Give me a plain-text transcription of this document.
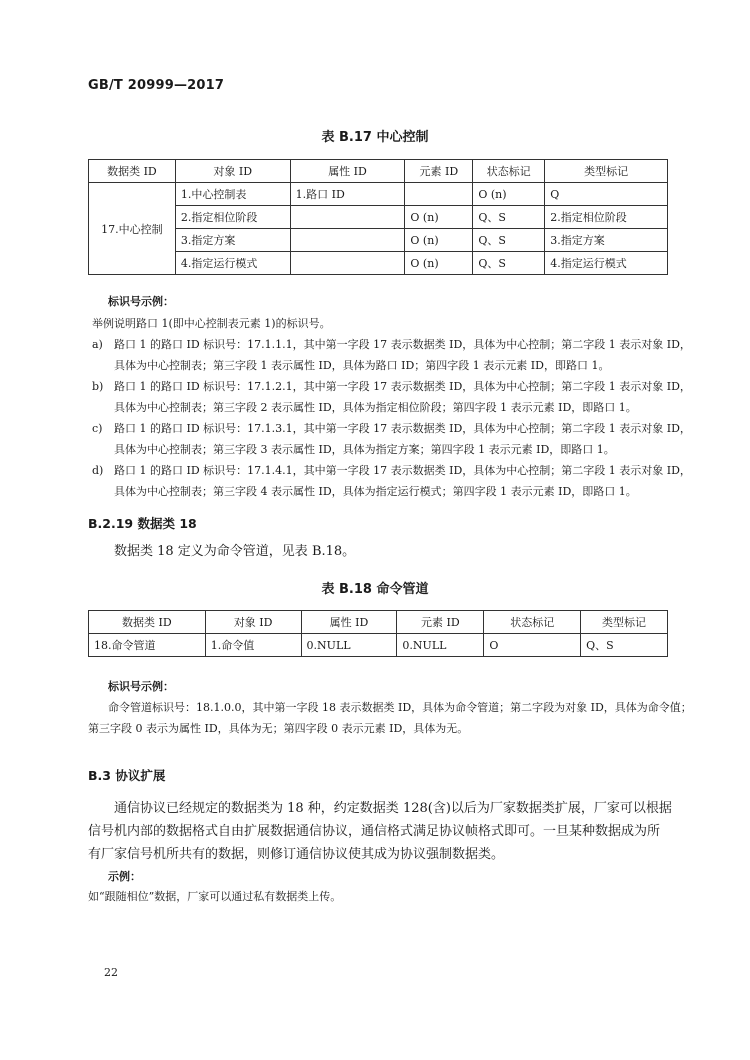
GB/T 20999—2017
表 B.17 中心控制
数据类 ID	对象 ID	属性 ID	元素 ID	状态标记	类型标记
17.中心控制	1.中心控制表	1.路口 ID		O (n)	Q
	2.指定相位阶段		O (n)	Q、S	2.指定相位阶段
	3.指定方案		O (n)	Q、S	3.指定方案
	4.指定运行模式		O (n)	Q、S	4.指定运行模式
标识号示例：
举例说明路口 1(即中心控制表元素 1)的标识号。
a) 路口 1 的路口 ID 标识号：17.1.1.1，其中第一字段 17 表示数据类 ID，具体为中心控制；第二字段 1 表示对象 ID，
具体为中心控制表；第三字段 1 表示属性 ID，具体为路口 ID；第四字段 1 表示元素 ID，即路口 1。
b) 路口 1 的路口 ID 标识号：17.1.2.1，其中第一字段 17 表示数据类 ID，具体为中心控制；第二字段 1 表示对象 ID，
具体为中心控制表；第三字段 2 表示属性 ID，具体为指定相位阶段；第四字段 1 表示元素 ID，即路口 1。
c) 路口 1 的路口 ID 标识号：17.1.3.1，其中第一字段 17 表示数据类 ID，具体为中心控制；第二字段 1 表示对象 ID，
具体为中心控制表；第三字段 3 表示属性 ID，具体为指定方案；第四字段 1 表示元素 ID，即路口 1。
d) 路口 1 的路口 ID 标识号：17.1.4.1，其中第一字段 17 表示数据类 ID，具体为中心控制；第二字段 1 表示对象 ID，
具体为中心控制表；第三字段 4 表示属性 ID，具体为指定运行模式；第四字段 1 表示元素 ID，即路口 1。
B.2.19 数据类 18
数据类 18 定义为命令管道，见表 B.18。
表 B.18 命令管道
数据类 ID	对象 ID	属性 ID	元素 ID	状态标记	类型标记
18.命令管道	1.命令值	0.NULL	0.NULL	O	Q、S
标识号示例：
命令管道标识号：18.1.0.0，其中第一字段 18 表示数据类 ID，具体为命令管道；第二字段为对象 ID，具体为命令值；
第三字段 0 表示为属性 ID，具体为无；第四字段 0 表示元素 ID，具体为无。
B.3 协议扩展
通信协议已经规定的数据类为 18 种，约定数据类 128(含)以后为厂家数据类扩展，厂家可以根据
信号机内部的数据格式自由扩展数据通信协议，通信格式满足协议帧格式即可。一旦某种数据成为所
有厂家信号机所共有的数据，则修订通信协议使其成为协议强制数据类。
示例：
如“跟随相位”数据，厂家可以通过私有数据类上传。
22
